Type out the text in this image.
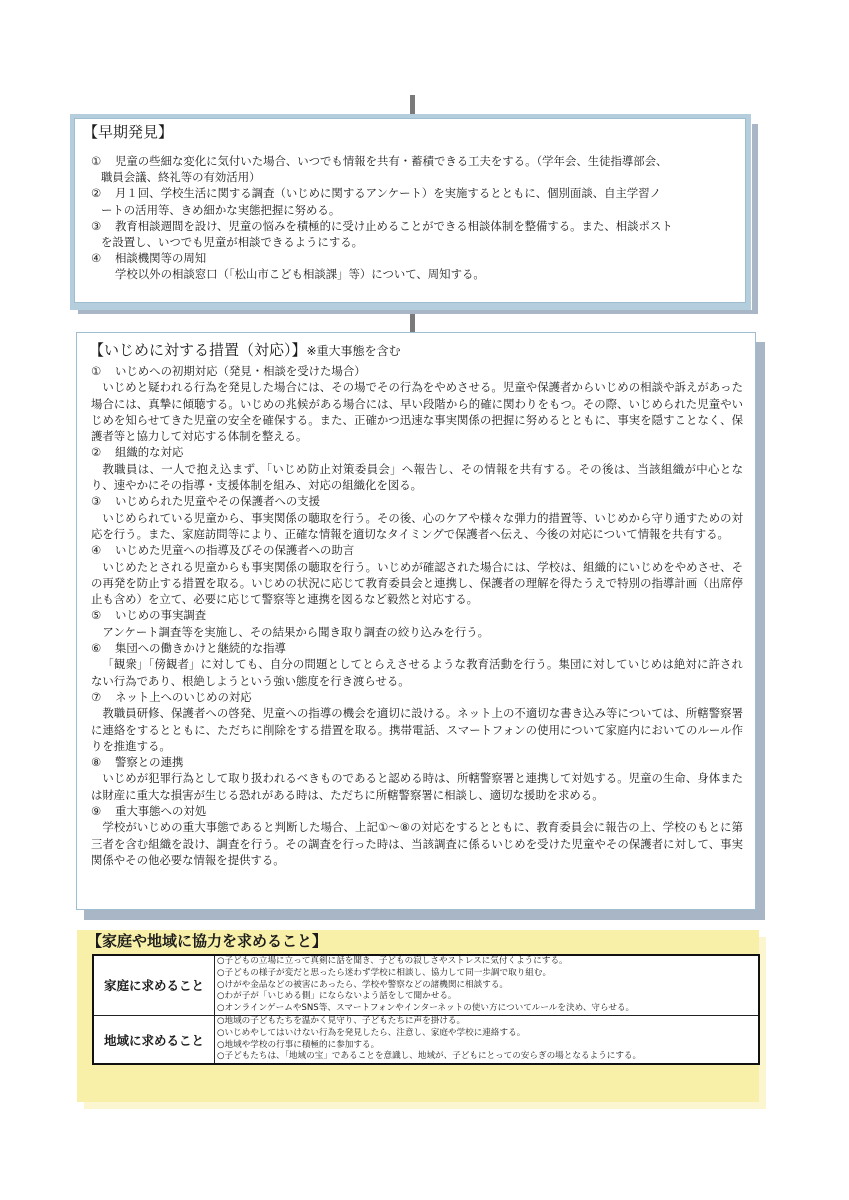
【早期発見】
①	児童の些細な変化に気付いた場合、いつでも情報を共有・蓄積できる工夫をする。（学年会、生徒指導部会、
職員会議、終礼等の有効活用）
②	月１回、学校生活に関する調査（いじめに関するアンケート）を実施するとともに、個別面談、自主学習ノ
ートの活用等、きめ細かな実態把握に努める。
③	教育相談週間を設け、児童の悩みを積極的に受け止めることができる相談体制を整備する。また、相談ポスト
を設置し、いつでも児童が相談できるようにする。
④	相談機関等の周知
学校以外の相談窓口（「松山市こども相談課」等）について、周知する。
【いじめに対する措置（対応）】※重大事態を含む
①	いじめへの初期対応（発見・相談を受けた場合）
いじめと疑われる行為を発見した場合には、その場でその行為をやめさせる。児童や保護者からいじめの相談や訴えがあった場合には、真摯に傾聴する。いじめの兆候がある場合には、早い段階から的確に関わりをもつ。その際、いじめられた児童やいじめを知らせてきた児童の安全を確保する。また、正確かつ迅速な事実関係の把握に努めるとともに、事実を隠すことなく、保護者等と協力して対応する体制を整える。
②	組織的な対応
教職員は、一人で抱え込まず、「いじめ防止対策委員会」へ報告し、その情報を共有する。その後は、当該組織が中心となり、速やかにその指導・支援体制を組み、対応の組織化を図る。
③	いじめられた児童やその保護者への支援
いじめられている児童から、事実関係の聴取を行う。その後、心のケアや様々な弾力的措置等、いじめから守り通すための対応を行う。また、家庭訪問等により、正確な情報を適切なタイミングで保護者へ伝え、今後の対応について情報を共有する。
④	いじめた児童への指導及びその保護者への助言
いじめたとされる児童からも事実関係の聴取を行う。いじめが確認された場合には、学校は、組織的にいじめをやめさせ、その再発を防止する措置を取る。いじめの状況に応じて教育委員会と連携し、保護者の理解を得たうえで特別の指導計画（出席停止も含め）を立て、必要に応じて警察等と連携を図るなど毅然と対応する。
⑤	いじめの事実調査
アンケート調査等を実施し、その結果から聞き取り調査の絞り込みを行う。
⑥	集団への働きかけと継続的な指導
「観衆」「傍観者」に対しても、自分の問題としてとらえさせるような教育活動を行う。集団に対していじめは絶対に許されない行為であり、根絶しようという強い態度を行き渡らせる。
⑦	ネット上へのいじめの対応
教職員研修、保護者への啓発、児童への指導の機会を適切に設ける。ネット上の不適切な書き込み等については、所轄警察署に連絡をするとともに、ただちに削除をする措置を取る。携帯電話、スマートフォンの使用について家庭内においてのルール作りを推進する。
⑧	警察との連携
いじめが犯罪行為として取り扱われるべきものであると認める時は、所轄警察署と連携して対処する。児童の生命、身体または財産に重大な損害が生じる恐れがある時は、ただちに所轄警察署に相談し、適切な援助を求める。
⑨	重大事態への対処
学校がいじめの重大事態であると判断した場合、上記①～⑧の対応をするとともに、教育委員会に報告の上、学校のもとに第三者を含む組織を設け、調査を行う。その調査を行った時は、当該調査に係るいじめを受けた児童やその保護者に対して、事実関係やその他必要な情報を提供する。
【家庭や地域に協力を求めること】
家庭に求めること	○子どもの立場に立って真剣に話を聞き、子どもの寂しさやストレスに気付くようにする。
○子どもの様子が変だと思ったら迷わず学校に相談し、協力して同一歩調で取り組む。
○けがや金品などの被害にあったら、学校や警察などの諸機関に相談する。
○わが子が「いじめる側」にならないよう話をして聞かせる。
○オンラインゲームやSNS等、スマートフォンやインターネットの使い方についてルールを決め、守らせる。

地域に求めること	○地域の子どもたちを温かく見守り、子どもたちに声を掛ける。
○いじめやしてはいけない行為を発見したら、注意し、家庭や学校に連絡する。
○地域や学校の行事に積極的に参加する。
○子どもたちは、「地域の宝」であることを意識し、地域が、子どもにとっての安らぎの場となるようにする。
